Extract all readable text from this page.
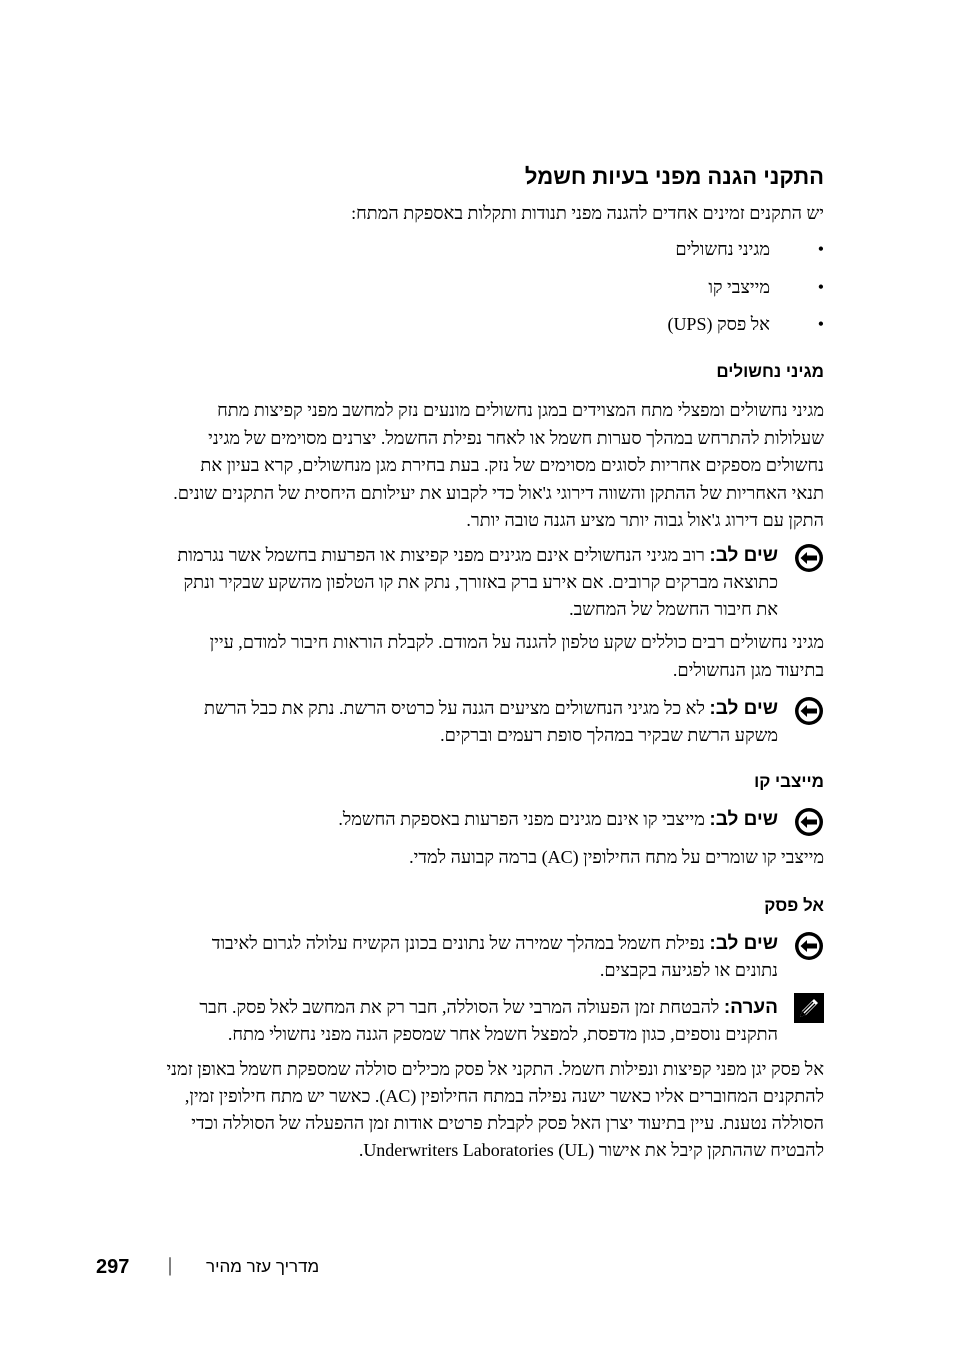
התקני הגנה מפני בעיות חשמל
יש התקנים זמינים אחדים להגנה מפני תנודות ותקלות באספקת המתח:
•מגיני נחשולים
•מייצבי קו
•אל פסק (UPS)
מגיני נחשולים
מגיני נחשולים ומפצלי מתח המצוידים במגן נחשולים מונעים נזק למחשב מפני קפיצות מתח
שעלולות להתרחש במהלך סערות חשמל או לאחר נפילת החשמל. יצרנים מסוימים של מגיני
נחשולים מספקים אחריות לסוגים מסוימים של נזק. בעת בחירת מגן מנחשולים, קרא בעיון את
תנאי האחריות של ההתקן והשווה דירוגי ג'אול כדי לקבוע את יעילותם היחסית של התקנים שונים.
התקן עם דירוג ג'אול גבוה יותר מציע הגנה טובה יותר.
שים לב: רוב מגיני הנחשולים אינם מגינים מפני קפיצות או הפרעות בחשמל אשר נגרמות
כתוצאה מברקים קרובים. אם אירע ברק באזורך, נתק את קו הטלפון מהשקע שבקיר ונתק
את חיבור החשמל של המחשב.
מגיני נחשולים רבים כוללים שקע טלפון להגנה על המודם. לקבלת הוראות חיבור למודם, עיין
בתיעוד מגן הנחשולים.
שים לב: לא כל מגיני הנחשולים מציעים הגנה על כרטיס הרשת. נתק את כבל הרשת
משקע הרשת שבקיר במהלך סופת רעמים וברקים.
מייצבי קו
שים לב: מייצבי קו אינם מגינים מפני הפרעות באספקת החשמל.
מייצבי קו שומרים על מתח החילופין (AC) ברמה קבועה למדי.
אל פסק
שים לב: נפילת חשמל במהלך שמירה של נתונים בכונן הקשיח עלולה לגרום לאיבוד
נתונים או לפגיעה בקבצים.
הערה: להבטחת זמן הפעולה המרבי של הסוללה, חבר רק את המחשב לאל פסק. חבר
התקנים נוספים, כגון מדפסת, למפצל חשמל אחר שמספק הגנה מפני נחשולי מתח.
אל פסק יגן מפני קפיצות ונפילות חשמל. התקני אל פסק מכילים סוללה שמספקת חשמל באופן זמני
להתקנים המחוברים אליו כאשר ישנה נפילה במתח החילופין (AC). כאשר יש מתח חילופין זמין,
הסוללה נטענת. עיין בתיעוד יצרן האל פסק לקבלת פרטים אודות זמן ההפעלה של הסוללה וכדי
להבטיח שההתקן קיבל את אישור Underwriters Laboratories (UL).
297 | מדריך עזר מהיר
